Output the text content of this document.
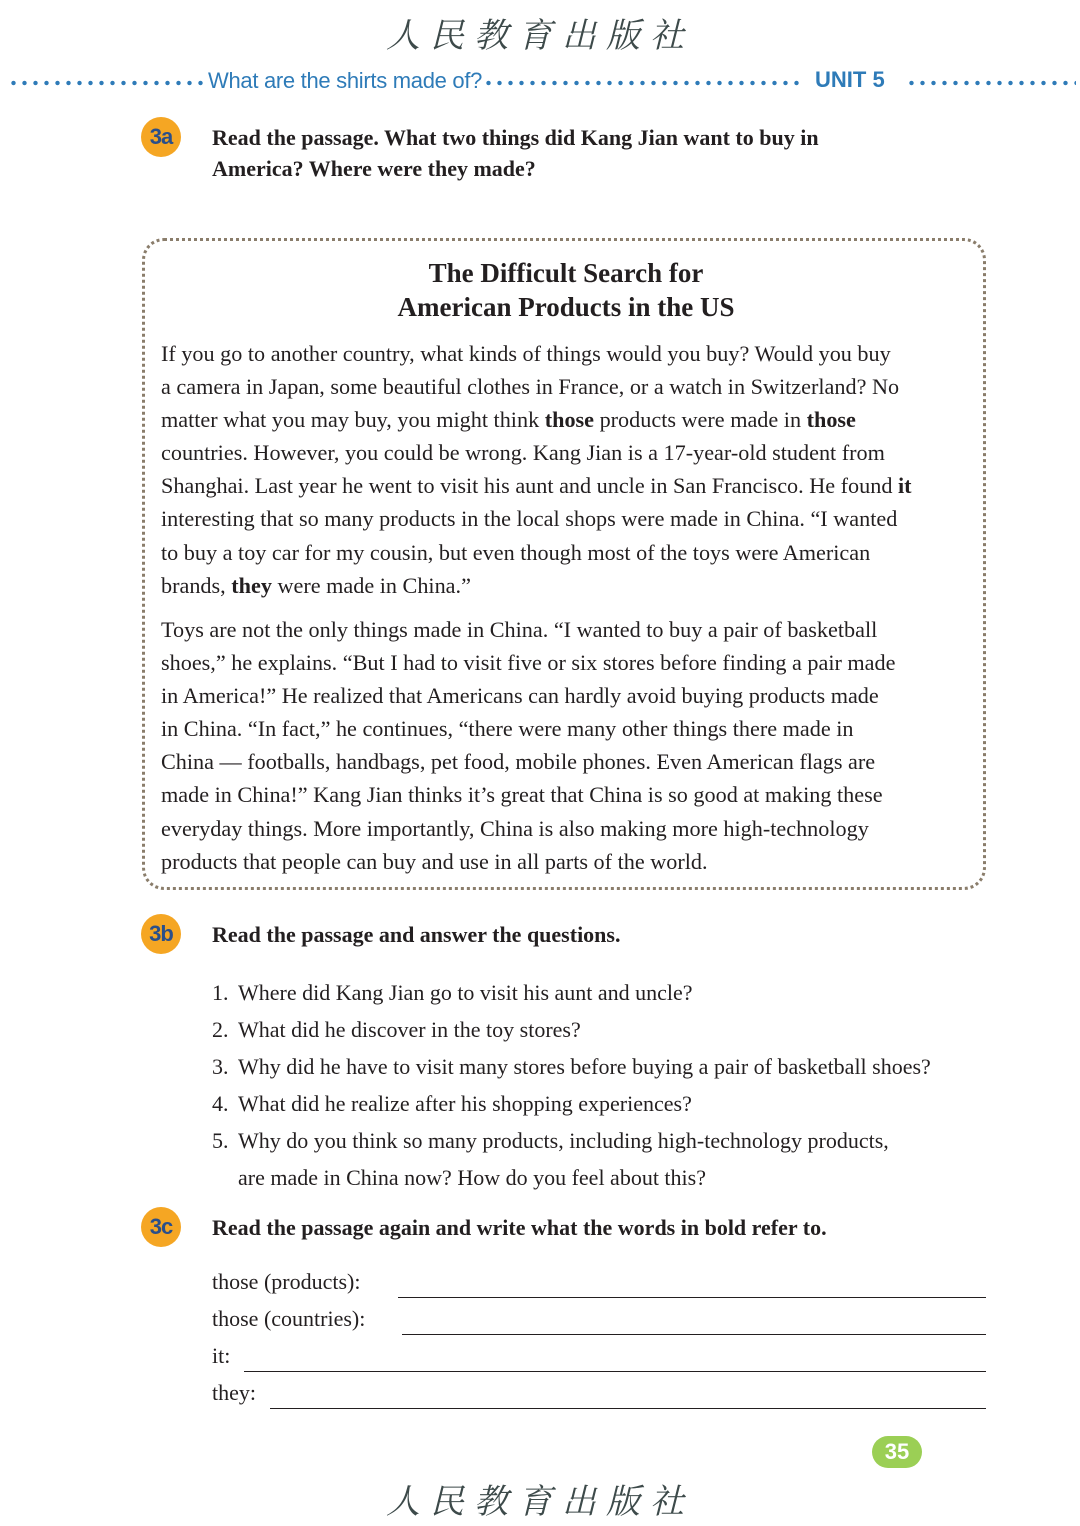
人民教育出版社
What are the shirts made of?	UNIT 5
3a	Read the passage. What two things did Kang Jian want to buy in
America? Where were they made?
The Difficult Search for
American Products in the US
If you go to another country, what kinds of things would you buy? Would you buy
a camera in Japan, some beautiful clothes in France, or a watch in Switzerland? No
matter what you may buy, you might think those products were made in those
countries. However, you could be wrong. Kang Jian is a 17-year-old student from
Shanghai. Last year he went to visit his aunt and uncle in San Francisco. He found it
interesting that so many products in the local shops were made in China. “I wanted
to buy a toy car for my cousin, but even though most of the toys were American
brands, they were made in China.”
Toys are not the only things made in China. “I wanted to buy a pair of basketball
shoes,” he explains. “But I had to visit five or six stores before finding a pair made
in America!” He realized that Americans can hardly avoid buying products made
in China. “In fact,” he continues, “there were many other things there made in
China — footballs, handbags, pet food, mobile phones. Even American flags are
made in China!” Kang Jian thinks it’s great that China is so good at making these
everyday things. More importantly, China is also making more high-technology
products that people can buy and use in all parts of the world.
3b	Read the passage and answer the questions.
1. Where did Kang Jian go to visit his aunt and uncle?
2. What did he discover in the toy stores?
3. Why did he have to visit many stores before buying a pair of basketball shoes?
4. What did he realize after his shopping experiences?
5. Why do you think so many products, including high-technology products,
are made in China now? How do you feel about this?
3c	Read the passage again and write what the words in bold refer to.
those (products):
those (countries):
it:
they:
35
人民教育出版社
